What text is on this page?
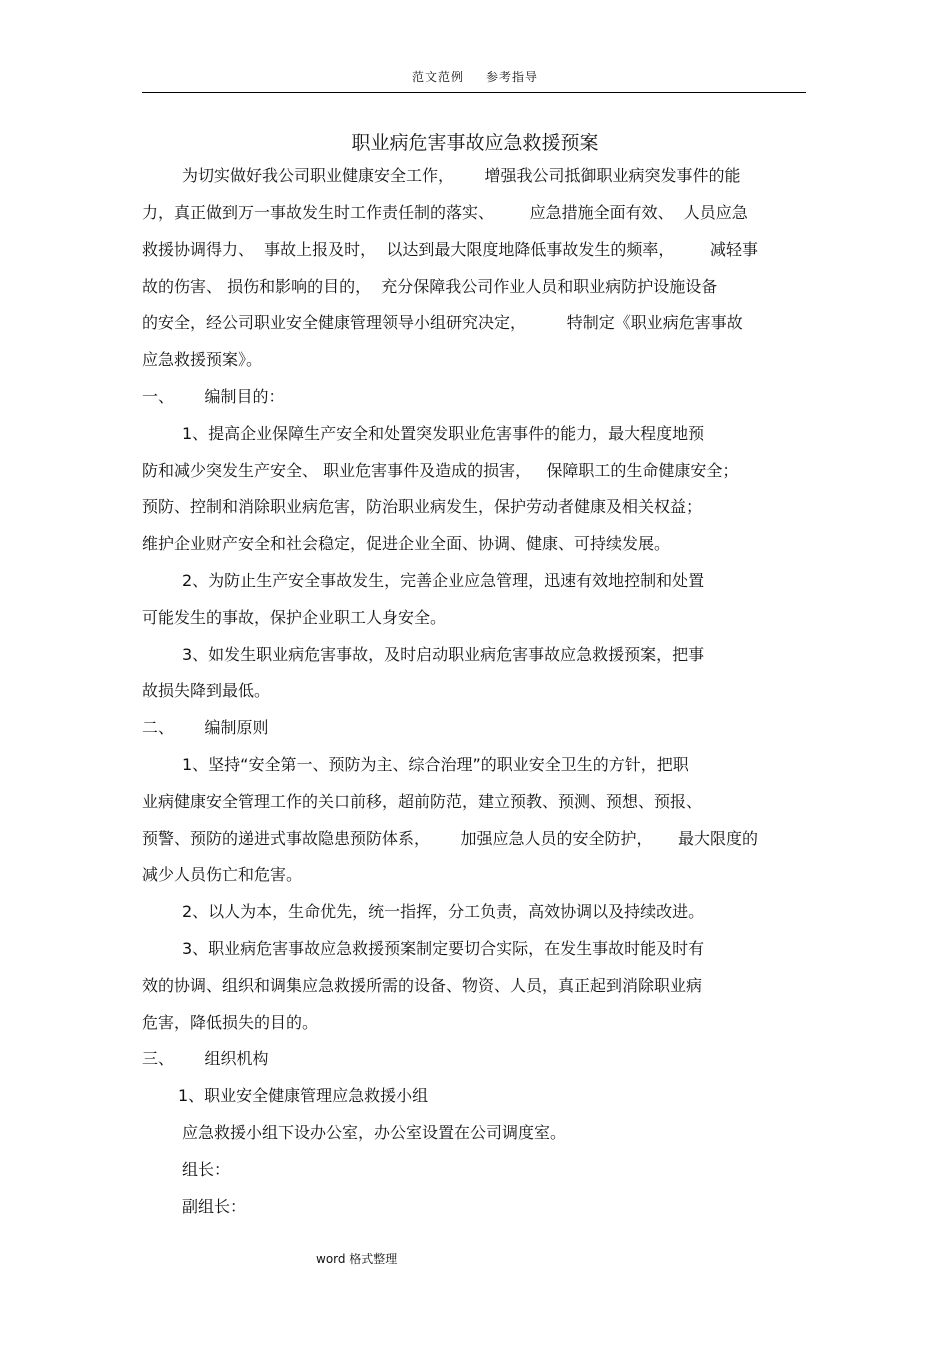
范文范例 参考指导
职业病危害事故应急救援预案
为切实做好我公司职业健康安全工作，      增强我公司抵御职业病突发事件的能
力，真正做到万一事故发生时工作责任制的落实、       应急措施全面有效、  人员应急
救援协调得力、  事故上报及时，  以达到最大限度地降低事故发生的频率，       减轻事
故的伤害、 损伤和影响的目的，  充分保障我公司作业人员和职业病防护设施设备
的安全，经公司职业安全健康管理领导小组研究决定，        特制定《职业病危害事故
应急救援预案》。
一、      编制目的：
1、提高企业保障生产安全和处置突发职业危害事件的能力，最大程度地预
防和减少突发生产安全、 职业危害事件及造成的损害，   保障职工的生命健康安全；
预防、控制和消除职业病危害，防治职业病发生，保护劳动者健康及相关权益；
维护企业财产安全和社会稳定，促进企业全面、协调、健康、可持续发展。
2、为防止生产安全事故发生，完善企业应急管理，迅速有效地控制和处置
可能发生的事故，保护企业职工人身安全。
3、如发生职业病危害事故，及时启动职业病危害事故应急救援预案，把事
故损失降到最低。
二、      编制原则
1、坚持“安全第一、预防为主、综合治理”的职业安全卫生的方针，把职
业病健康安全管理工作的关口前移，超前防范，建立预教、预测、预想、预报、
预警、预防的递进式事故隐患预防体系，      加强应急人员的安全防护，     最大限度的
减少人员伤亡和危害。
2、以人为本，生命优先，统一指挥，分工负责，高效协调以及持续改进。
3、职业病危害事故应急救援预案制定要切合实际，在发生事故时能及时有
效的协调、组织和调集应急救援所需的设备、物资、人员，真正起到消除职业病
危害，降低损失的目的。
三、      组织机构
1、职业安全健康管理应急救援小组
应急救援小组下设办公室，办公室设置在公司调度室。
组长：
副组长：
word 格式整理
